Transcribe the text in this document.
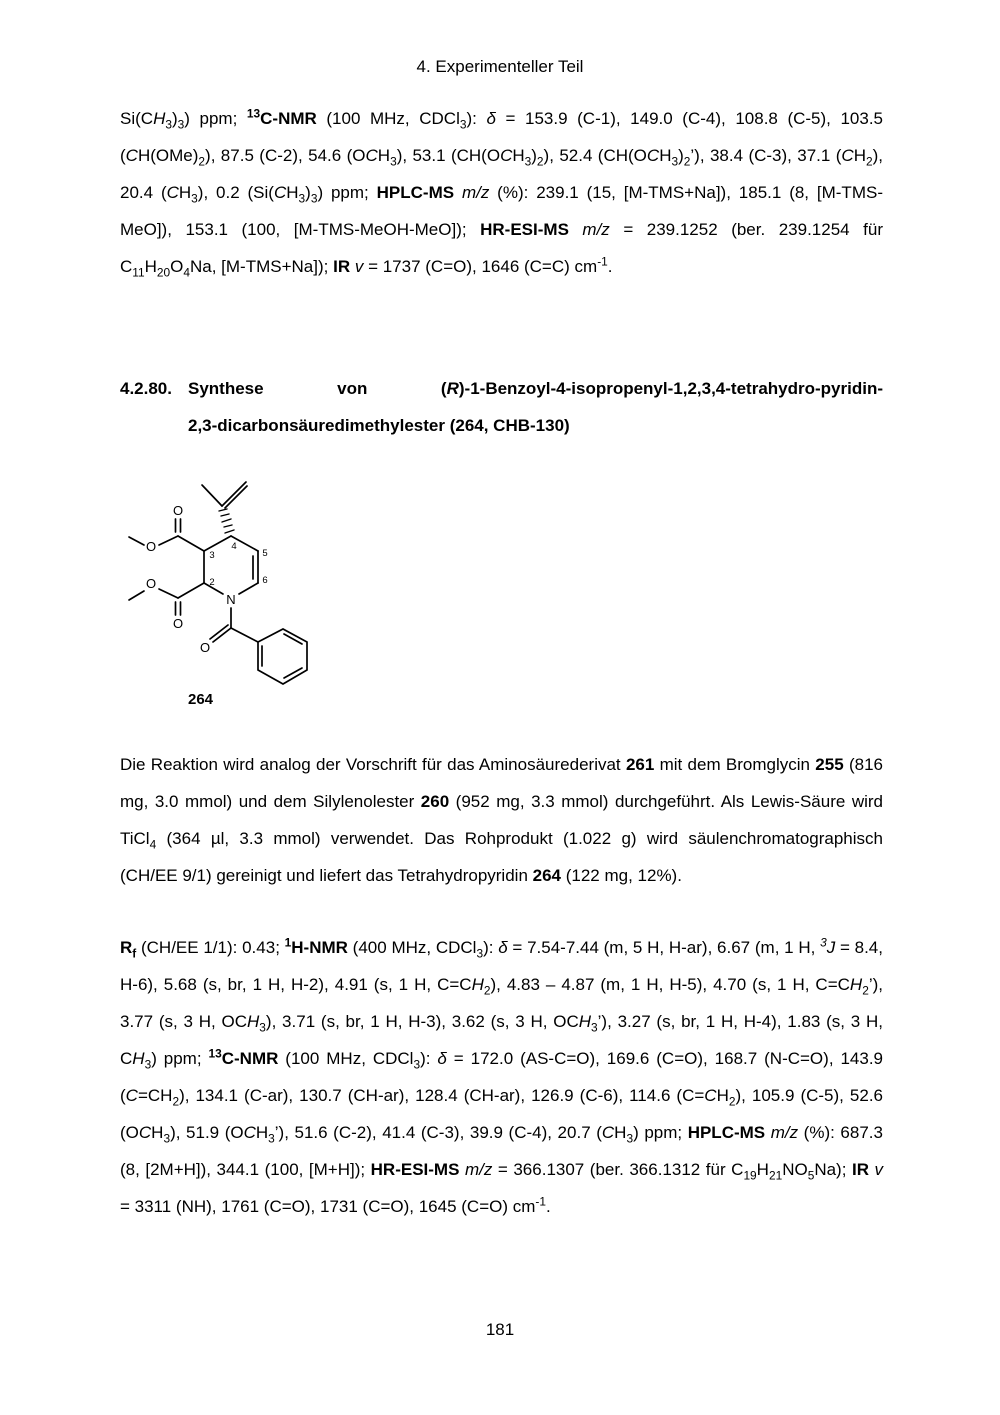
4. Experimenteller Teil

$Si(CH_3)_3$) ppm; $^{13}$C-NMR (100 MHz, CDCl$_3$): δ = 153.9 (C-1), 149.0 (C-4), 108.8 (C-5), 103.5 $(CH(OMe)_2)$, 87.5 (C-2), 54.6 $(OCH_3)$, 53.1 $(CH(OCH_3)_2)$, 52.4 $(CH(OCH_3)_2’)$, 38.4 (C-3), 37.1 $(CH_2)$, 20.4 $(CH_3)$, 0.2 $(Si(CH_3)_3)$ ppm; HPLC-MS m/z (%): 239.1 (15, [M-TMS+Na]), 185.1 (8, [M-TMS-MeO]), 153.1 (100, [M-TMS-MeOH-MeO]); HR-ESI-MS m/z = 239.1252 (ber. 239.1254 für $C_{11}H_{20}O_4Na$, [M-TMS+Na]); IR v = 1737 (C=O), 1646 (C=C) $cm^{-1}$.

4.2.80. Synthese von (R)-1-Benzoyl-4-isopropenyl-1,2,3,4-tetrahydro-pyridin-
2,3-dicarbonsäuredimethylester (264, CHB-130)
N
O
O
O
O
O
3
4
5
2	6
264

Die Reaktion wird analog der Vorschrift für das Aminosäurederivat 261 mit dem Bromglycin 255 (816 mg, 3.0 mmol) und dem Silylenolester 260 (952 mg, 3.3 mmol) durchgeführt. Als Lewis-Säure wird TiCl$_4$ (364 µl, 3.3 mmol) verwendet. Das Rohprodukt (1.022 g) wird säulenchromatographisch (CH/EE 9/1) gereinigt und liefert das Tetrahydropyridin 264 (122 mg, 12%).

$R_f$ (CH/EE 1/1): 0.43; $^1$H-NMR (400 MHz, CDCl$_3$): δ = 7.54-7.44 (m, 5 H, H-ar), 6.67 (m, 1 H, $^3$J = 8.4, H-6), 5.68 (s, br, 1 H, H-2), 4.91 (s, 1 H, $C=CH_2$), 4.83 – 4.87 (m, 1 H, H-5), 4.70 (s, 1 H, $C=CH_2$’), 3.77 (s, 3 H, $OCH_3$), 3.71 (s, br, 1 H, H-3), 3.62 (s, 3 H, $OCH_3$’), 3.27 (s, br, 1 H, H-4), 1.83 (s, 3 H, $CH_3$) ppm; $^{13}$C-NMR (100 MHz, CDCl$_3$): δ = 172.0 (AS-C=O), 169.6 (C=O), 168.7 (N-C=O), 143.9 $(C=CH_2)$, 134.1 (C-ar), 130.7 (CH-ar), 128.4 (CH-ar), 126.9 (C-6), 114.6 $(C=CH_2)$, 105.9 (C-5), 52.6 $(OCH_3)$, 51.9 $(OCH_3’)$, 51.6 (C-2), 41.4 (C-3), 39.9 (C-4), 20.7 $(CH_3)$ ppm; HPLC-MS m/z (%): 687.3 (8, [2M+H]), 344.1 (100, [M+H]); HR-ESI-MS m/z = 366.1307 (ber. 366.1312 für $C_{19}H_{21}NO_5Na$); IR v = 3311 (NH), 1761 (C=O), 1731 (C=O), 1645 (C=O) $cm^{-1}$.

181
